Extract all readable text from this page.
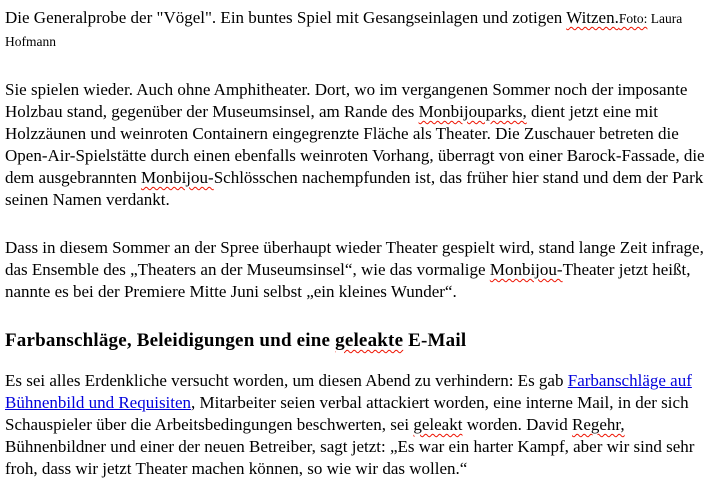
Die Generalprobe der "Vögel". Ein buntes Spiel mit Gesangseinlagen und zotigen Witzen.Foto: Laura Hofmann

Sie spielen wieder. Auch ohne Amphitheater. Dort, wo im vergangenen Sommer noch der imposante Holzbau stand, gegenüber der Museumsinsel, am Rande des Monbijouparks, dient jetzt eine mit Holzzäunen und weinroten Containern eingegrenzte Fläche als Theater. Die Zuschauer betreten die Open-Air-Spielstätte durch einen ebenfalls weinroten Vorhang, überragt von einer Barock-Fassade, die dem ausgebrannten Monbijou-Schlösschen nachempfunden ist, das früher hier stand und dem der Park seinen Namen verdankt.

Dass in diesem Sommer an der Spree überhaupt wieder Theater gespielt wird, stand lange Zeit infrage, das Ensemble des „Theaters an der Museumsinsel“, wie das vormalige Monbijou-Theater jetzt heißt, nannte es bei der Premiere Mitte Juni selbst „ein kleines Wunder“.

Farbanschläge, Beleidigungen und eine geleakte E-Mail

Es sei alles Erdenkliche versucht worden, um diesen Abend zu verhindern: Es gab Farbanschläge auf Bühnenbild und Requisiten, Mitarbeiter seien verbal attackiert worden, eine interne Mail, in der sich Schauspieler über die Arbeitsbedingungen beschwerten, sei geleakt worden. David Regehr, Bühnenbildner und einer der neuen Betreiber, sagt jetzt: „Es war ein harter Kampf, aber wir sind sehr froh, dass wir jetzt Theater machen können, so wie wir das wollen.“
